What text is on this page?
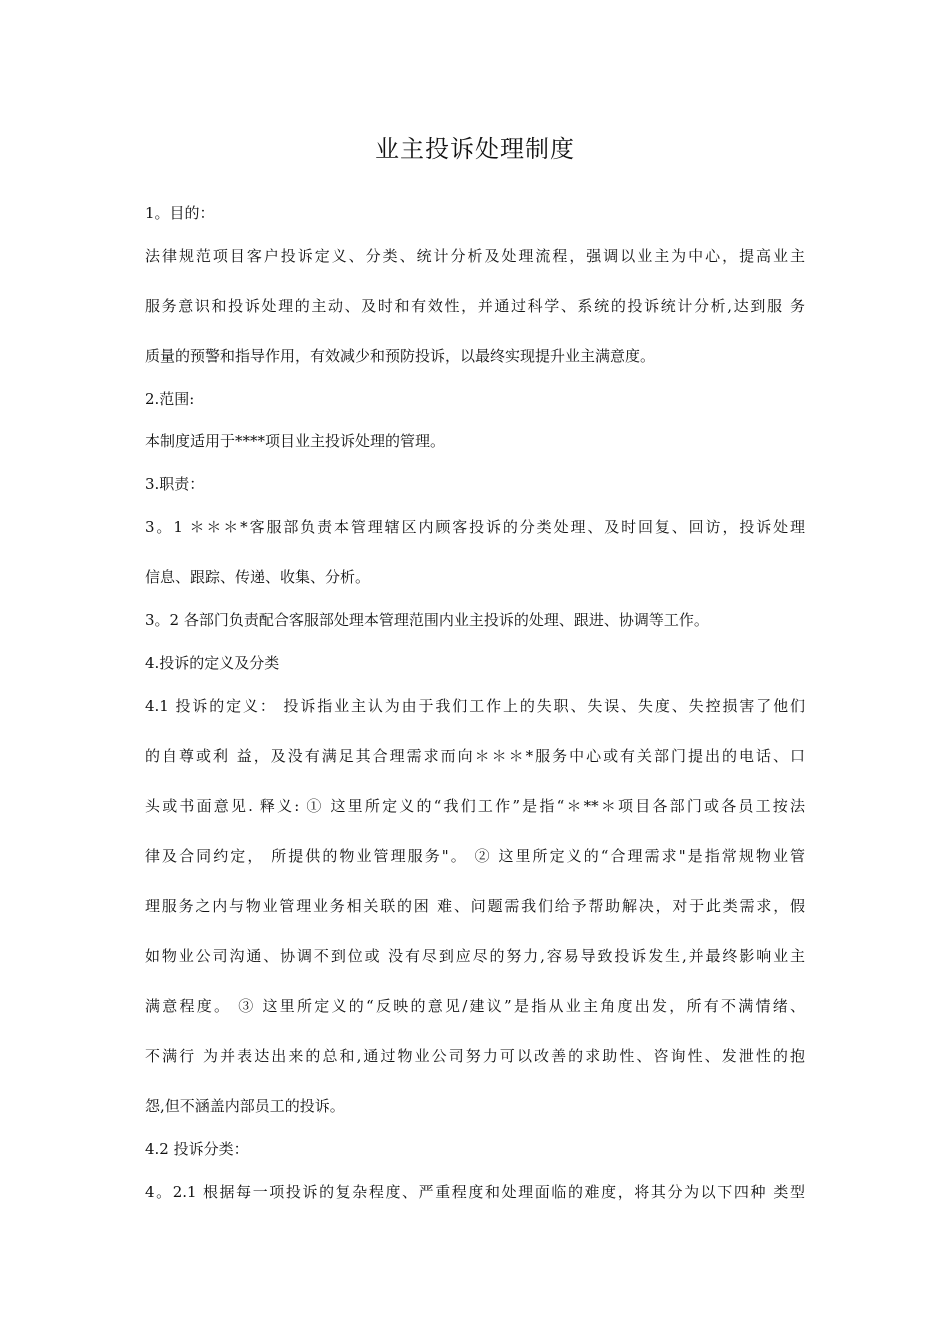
业主投诉处理制度
1。目的：
法律规范项目客户投诉定义、分类、统计分析及处理流程，强调以业主为中心，提高业主
服务意识和投诉处理的主动、及时和有效性，并通过科学、系统的投诉统计分析,达到服 务
质量的预警和指导作用，有效减少和预防投诉，以最终实现提升业主满意度。
2.范围:
本制度适用于****项目业主投诉处理的管理。
3.职责：
3。1 ＊＊＊*客服部负责本管理辖区内顾客投诉的分类处理、及时回复、回访，投诉处理
信息、跟踪、传递、收集、分析。
3。2 各部门负责配合客服部处理本管理范围内业主投诉的处理、跟进、协调等工作。
4.投诉的定义及分类
4.1 投诉的定义： 投诉指业主认为由于我们工作上的失职、失误、失度、失控损害了他们
的自尊或利 益，及没有满足其合理需求而向＊＊＊*服务中心或有关部门提出的电话、口
头或书面意见. 释义: ① 这里所定义的“我们工作”是指“＊**＊项目各部门或各员工按法
律及合同约定， 所提供的物业管理服务"。 ② 这里所定义的“合理需求"是指常规物业管
理服务之内与物业管理业务相关联的困 难、问题需我们给予帮助解决，对于此类需求，假
如物业公司沟通、协调不到位或 没有尽到应尽的努力,容易导致投诉发生,并最终影响业主
满意程度。 ③ 这里所定义的“反映的意见/建议”是指从业主角度出发，所有不满情绪、
不满行 为并表达出来的总和,通过物业公司努力可以改善的求助性、咨询性、发泄性的抱
怨,但不涵盖内部员工的投诉。
4.2 投诉分类：
4。2.1 根据每一项投诉的复杂程度、严重程度和处理面临的难度，将其分为以下四种 类型
